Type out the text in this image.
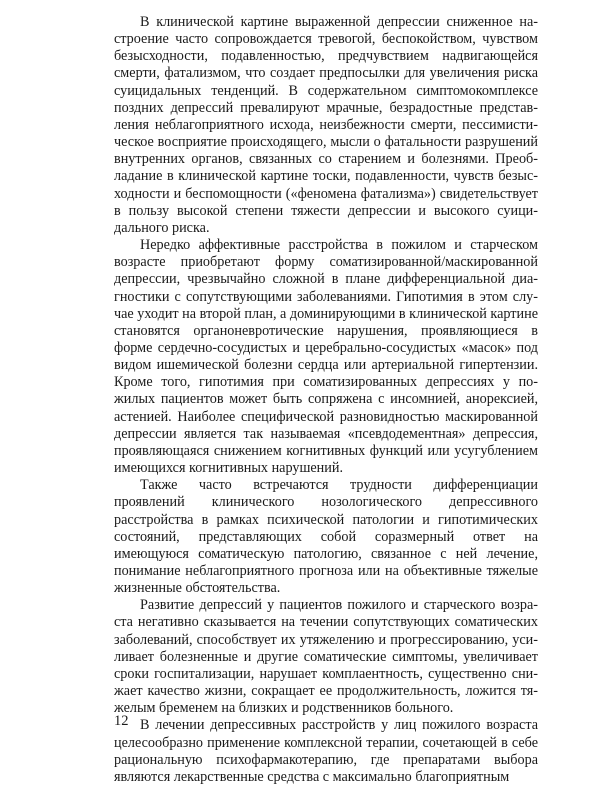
В клинической картине выраженной депрессии сниженное настроение часто сопровождается тревогой, беспокойством, чувством безысходности, подавленностью, предчувствием надвигающейся смерти, фатализмом, что создает предпосылки для увеличения риска суицидальных тенденций. В содержательном симптомокомплексе поздних депрессий превалируют мрачные, безрадостные представления неблагоприятного исхода, неизбежности смерти, пессимистическое восприятие происходящего, мысли о фатальности разрушений внутренних органов, связанных со старением и болезнями. Преобладание в клинической картине тоски, подавленности, чувств безысходности и беспомощности («феномена фатализма») свидетельствует в пользу высокой степени тяжести депрессии и высокого суицидального риска.

Нередко аффективные расстройства в пожилом и старческом возрасте приобретают форму соматизированной/маскированной депрессии, чрезвычайно сложной в плане дифференциальной диагностики с сопутствующими заболеваниями. Гипотимия в этом случае уходит на второй план, а доминирующими в клинической картине становятся органоневротические нарушения, проявляющиеся в форме сердечно-сосудистых и церебрально-сосудистых «масок» под видом ишемической болезни сердца или артериальной гипертензии. Кроме того, гипотимия при соматизированных депрессиях у пожилых пациентов может быть сопряжена с инсомнией, анорексией, астенией. Наиболее специфической разновидностью маскированной депрессии является так называемая «псевдодементная» депрессия, проявляющаяся снижением когнитивных функций или усугублением имеющихся когнитивных нарушений.

Также часто встречаются трудности дифференциации проявлений клинического нозологического депрессивного расстройства в рамках психической патологии и гипотимических состояний, представляющих собой соразмерный ответ на имеющуюся соматическую патологию, связанное с ней лечение, понимание неблагоприятного прогноза или на объективные тяжелые жизненные обстоятельства.

Развитие депрессий у пациентов пожилого и старческого возраста негативно сказывается на течении сопутствующих соматических заболеваний, способствует их утяжелению и прогрессированию, усиливает болезненные и другие соматические симптомы, увеличивает сроки госпитализации, нарушает комплаентность, существенно снижает качество жизни, сокращает ее продолжительность, ложится тяжелым бременем на близких и родственников больного.

В лечении депрессивных расстройств у лиц пожилого возраста целесообразно применение комплексной терапии, сочетающей в себе рациональную психофармакотерапию, где препаратами выбора являются лекарственные средства с максимально благоприятным

12
